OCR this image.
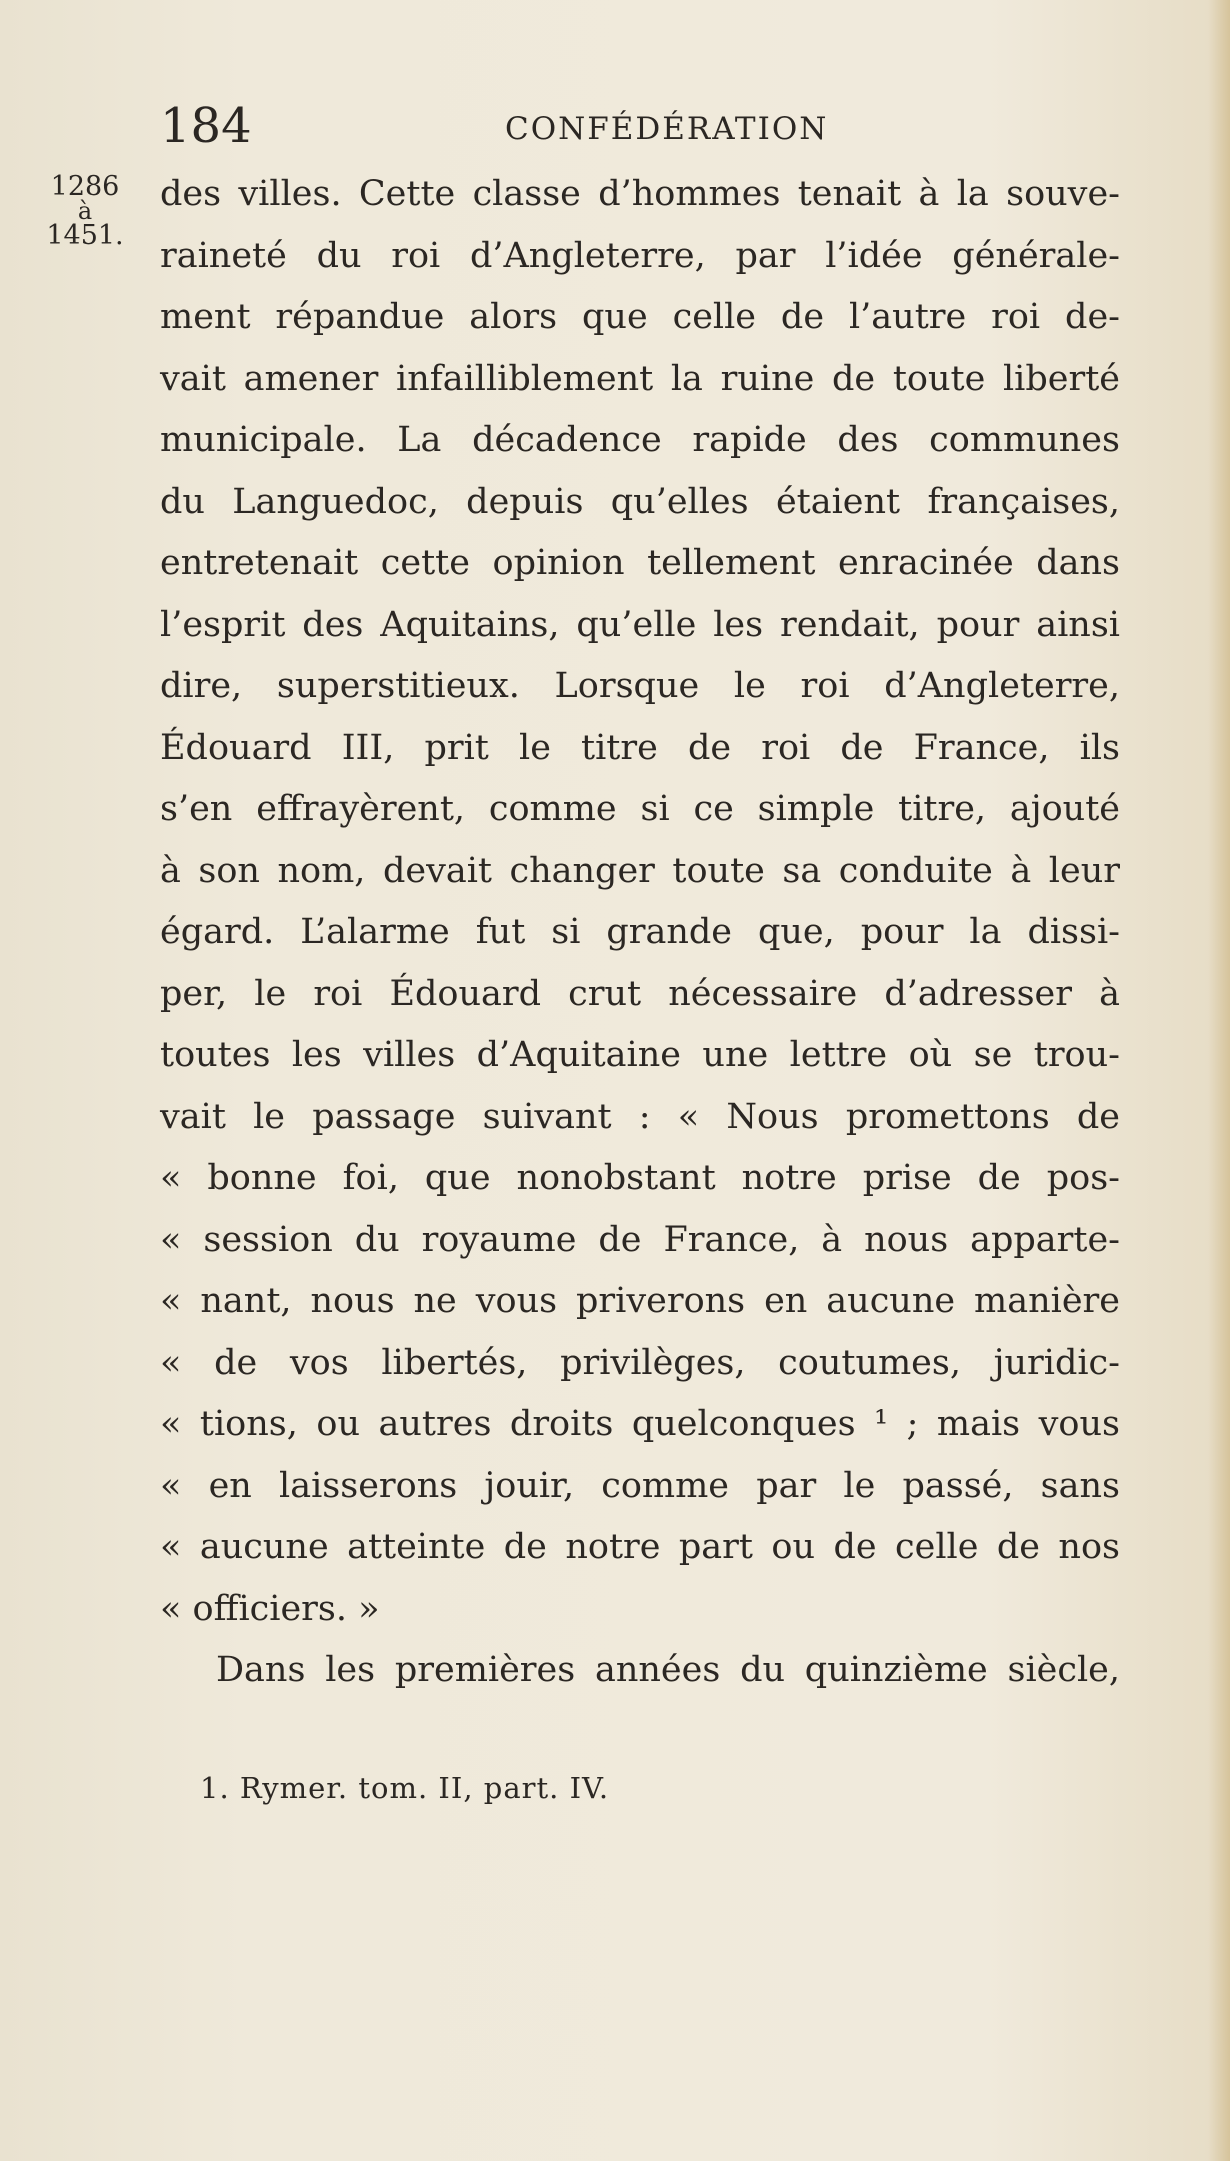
184	CONFÉDÉRATION
1286
à
1451.
des villes. Cette classe d’hommes tenait à la souve-
raineté du roi d’Angleterre, par l’idée générale-
ment répandue alors que celle de l’autre roi de-
vait amener infailliblement la ruine de toute liberté
municipale. La décadence rapide des communes
du Languedoc, depuis qu’elles étaient françaises,
entretenait cette opinion tellement enracinée dans
l’esprit des Aquitains, qu’elle les rendait, pour ainsi
dire, superstitieux. Lorsque le roi d’Angleterre,
Édouard III, prit le titre de roi de France, ils
s’en effrayèrent, comme si ce simple titre, ajouté
à son nom, devait changer toute sa conduite à leur
égard. L’alarme fut si grande que, pour la dissi-
per, le roi Édouard crut nécessaire d’adresser à
toutes les villes d’Aquitaine une lettre où se trou-
vait le passage suivant : « Nous promettons de
« bonne foi, que nonobstant notre prise de pos-
« session du royaume de France, à nous apparte-
« nant, nous ne vous priverons en aucune manière
« de vos libertés, privilèges, coutumes, juridic-
« tions, ou autres droits quelconques ¹ ; mais vous
« en laisserons jouir, comme par le passé, sans
« aucune atteinte de notre part ou de celle de nos
« officiers. »
Dans les premières années du quinzième siècle,
1. Rymer. tom. II, part. IV.
